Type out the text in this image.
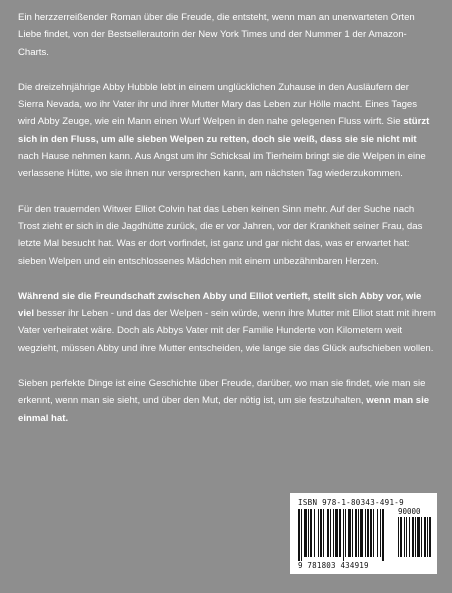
Ein herzzerreißender Roman über die Freude, die entsteht, wenn man an unerwarteten Orten Liebe findet, von der Bestsellerautorin der New York Times und der Nummer 1 der Amazon-Charts.

Die dreizehnjährige Abby Hubble lebt in einem unglücklichen Zuhause in den Ausläufern der Sierra Nevada, wo ihr Vater ihr und ihrer Mutter Mary das Leben zur Hölle macht. Eines Tages wird Abby Zeuge, wie ein Mann einen Wurf Welpen in den nahe gelegenen Fluss wirft. Sie stürzt sich in den Fluss, um alle sieben Welpen zu retten, doch sie weiß, dass sie sie nicht mit nach Hause nehmen kann. Aus Angst um ihr Schicksal im Tierheim bringt sie die Welpen in eine verlassene Hütte, wo sie ihnen nur versprechen kann, am nächsten Tag wiederzukommen.

Für den trauernden Witwer Elliot Colvin hat das Leben keinen Sinn mehr. Auf der Suche nach Trost zieht er sich in die Jagdhütte zurück, die er vor Jahren, vor der Krankheit seiner Frau, das letzte Mal besucht hat. Was er dort vorfindet, ist ganz und gar nicht das, was er erwartet hat: sieben Welpen und ein entschlossenes Mädchen mit einem unbezähmbaren Herzen.

Während sie die Freundschaft zwischen Abby und Elliot vertieft, stellt sich Abby vor, wie viel besser ihr Leben - und das der Welpen - sein würde, wenn ihre Mutter mit Elliot statt mit ihrem Vater verheiratet wäre. Doch als Abbys Vater mit der Familie Hunderte von Kilometern weit wegzieht, müssen Abby und ihre Mutter entscheiden, wie lange sie das Glück aufschieben wollen.

Sieben perfekte Dinge ist eine Geschichte über Freude, darüber, wo man sie findet, wie man sie erkennt, wenn man sie sieht, und über den Mut, der nötig ist, um sie festzuhalten, wenn man sie einmal hat.

ISBN 978-1-80343-491-9
90000
9 781803 434919
